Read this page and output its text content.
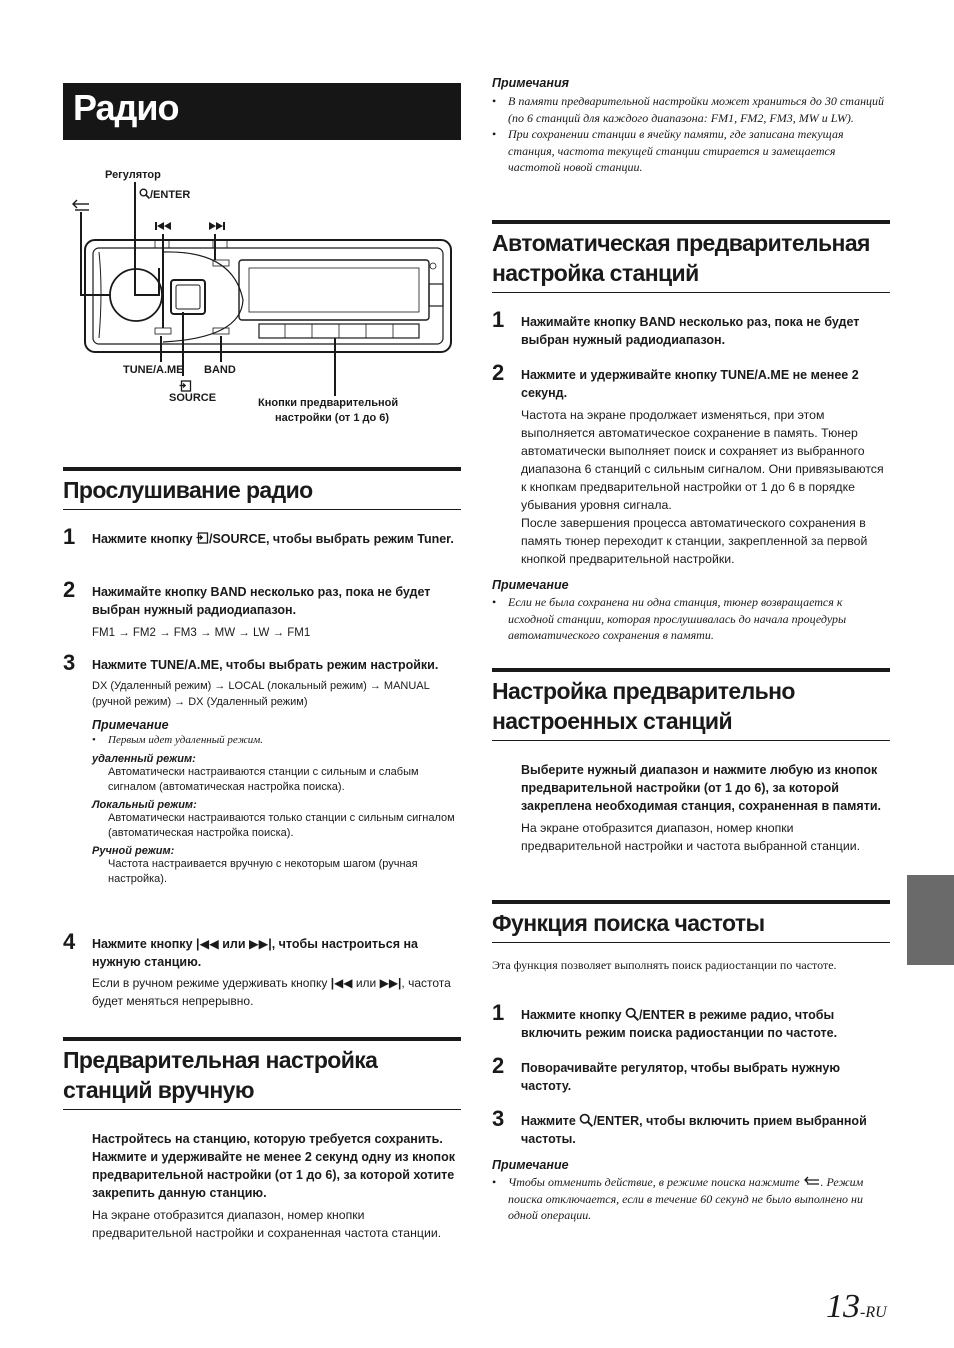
Радио
Регулятор
/ENTER
TUNE/A.ME BAND
SOURCE	Кнопки предварительной
настройки (от 1 до 6)
Прослушивание радио
1 Нажмите кнопку /SOURCE, чтобы выбрать режим Tuner.
2 Нажимайте кнопку BAND несколько раз, пока не будет выбран нужный радиодиапазон.
FM1 → FM2 → FM3 → MW → LW → FM1
3 Нажмите TUNE/A.ME, чтобы выбрать режим настройки.
DX (Удаленный режим) → LOCAL (локальный режим) → MANUAL (ручной режим) → DX (Удаленный режим)
Примечание
• Первым идет удаленный режим.
удаленный режим:
Автоматически настраиваются станции с сильным и слабым сигналом (автоматическая настройка поиска).
Локальный режим:
Автоматически настраиваются только станции с сильным сигналом (автоматическая настройка поиска).
Ручной режим:
Частота настраивается вручную с некоторым шагом (ручная настройка).
4 Нажмите кнопку |◀◀ или ▶▶|, чтобы настроиться на нужную станцию.
Если в ручном режиме удерживать кнопку |◀◀ или ▶▶|, частота будет меняться непрерывно.
Предварительная настройка станций вручную
Настройтесь на станцию, которую требуется сохранить. Нажмите и удерживайте не менее 2 секунд одну из кнопок предварительной настройки (от 1 до 6), за которой хотите закрепить данную станцию.
На экране отобразится диапазон, номер кнопки предварительной настройки и сохраненная частота станции.
Примечания
• В памяти предварительной настройки может храниться до 30 станций (по 6 станций для каждого диапазона: FM1, FM2, FM3, MW и LW).
• При сохранении станции в ячейку памяти, где записана текущая станция, частота текущей станции стирается и замещается частотой новой станции.
Автоматическая предварительная настройка станций
1 Нажимайте кнопку BAND несколько раз, пока не будет выбран нужный радиодиапазон.
2 Нажмите и удерживайте кнопку TUNE/A.ME не менее 2 секунд.
Частота на экране продолжает изменяться, при этом выполняется автоматическое сохранение в память. Тюнер автоматически выполняет поиск и сохраняет из выбранного диапазона 6 станций с сильным сигналом. Они привязываются к кнопкам предварительной настройки от 1 до 6 в порядке убывания уровня сигнала.
После завершения процесса автоматического сохранения в память тюнер переходит к станции, закрепленной за первой кнопкой предварительной настройки.
Примечание
• Если не была сохранена ни одна станция, тюнер возвращается к исходной станции, которая прослушивалась до начала процедуры автоматического сохранения в памяти.
Настройка предварительно настроенных станций
Выберите нужный диапазон и нажмите любую из кнопок предварительной настройки (от 1 до 6), за которой закреплена необходимая станция, сохраненная в памяти.
На экране отобразится диапазон, номер кнопки предварительной настройки и частота выбранной станции.
Функция поиска частоты
Эта функция позволяет выполнять поиск радиостанции по частоте.
1 Нажмите кнопку /ENTER в режиме радио, чтобы включить режим поиска радиостанции по частоте.
2 Поворачивайте регулятор, чтобы выбрать нужную частоту.
3 Нажмите /ENTER, чтобы включить прием выбранной частоты.
Примечание
• Чтобы отменить действие, в режиме поиска нажмите . Режим поиска отключается, если в течение 60 секунд не было выполнено ни одной операции.
13-RU
